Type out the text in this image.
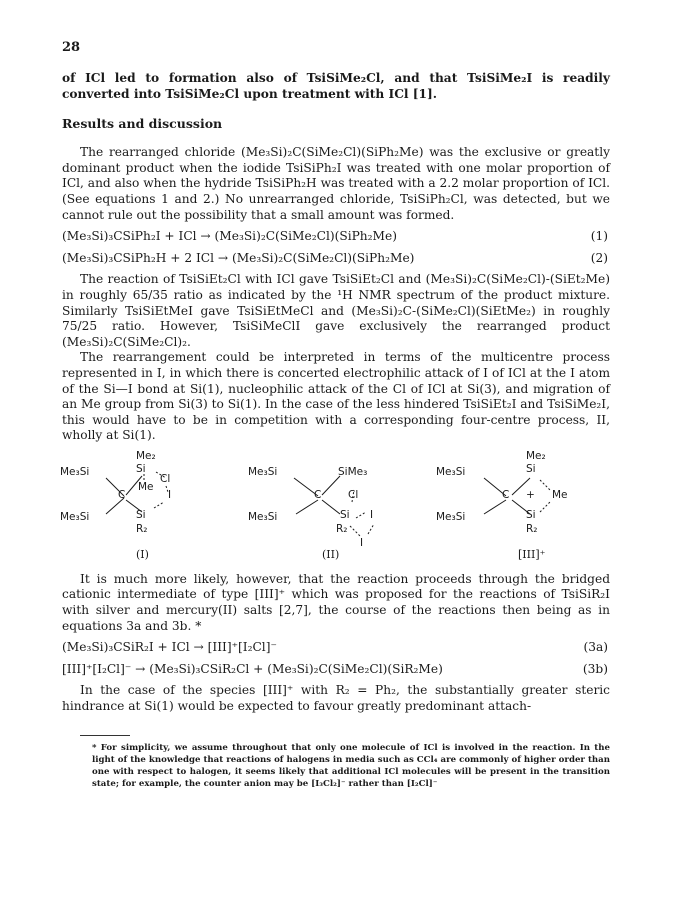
28

of ICl led to formation also of TsiSiMe₂Cl, and that TsiSiMe₂I is readily converted into TsiSiMe₂Cl upon treatment with ICl [1].

Results and discussion

The rearranged chloride (Me₃Si)₂C(SiMe₂Cl)(SiPh₂Me) was the exclusive or greatly dominant product when the iodide TsiSiPh₂I was treated with one molar proportion of ICl, and also when the hydride TsiSiPh₂H was treated with a 2.2 molar proportion of ICl. (See equations 1 and 2.) No unrearranged chloride, TsiSiPh₂Cl, was detected, but we cannot rule out the possibility that a small amount was formed.

(Me₃Si)₃CSiPh₂I + ICl → (Me₃Si)₂C(SiMe₂Cl)(SiPh₂Me)	(1)
(Me₃Si)₃CSiPh₂H + 2 ICl → (Me₃Si)₂C(SiMe₂Cl)(SiPh₂Me)	(2)

The reaction of TsiSiEt₂Cl with ICl gave TsiSiEt₂Cl and (Me₃Si)₂C(SiMe₂Cl)-(SiEt₂Me) in roughly 65/35 ratio as indicated by the ¹H NMR spectrum of the product mixture. Similarly TsiSiEtMeI gave TsiSiEtMeCl and (Me₃Si)₂C-(SiMe₂Cl)(SiEtMe₂) in roughly 75/25 ratio. However, TsiSiMeClI gave exclusively the rearranged product (Me₃Si)₂C(SiMe₂Cl)₂.

The rearrangement could be interpreted in terms of the multicentre process represented in I, in which there is concerted electrophilic attack of I of ICl at the I atom of the Si—I bond at Si(1), nucleophilic attack of the Cl of ICl at Si(3), and migration of an Me group from Si(3) to Si(1). In the case of the less hindered TsiSiEt₂I and TsiSiMe₂I, this would have to be in competition with a corresponding four-centre process, II, wholly at Si(1).

Me₃Si
Me₃Si
Me₂
Si
Cl
Me
C	I
Si
R₂
(I)
Me₃Si
Me₃Si
SiMe₃
C	Cl
Si I
R₂
I
(II)
Me₃Si
Me₃Si
Me₂
Si
C + Me
Si
R₂
[III]⁺

It is much more likely, however, that the reaction proceeds through the bridged cationic intermediate of type [III]⁺ which was proposed for the reactions of TsiSiR₂I with silver and mercury(II) salts [2,7], the course of the reactions then being as in equations 3a and 3b. *

(Me₃Si)₃CSiR₂I + ICl → [III]⁺[I₂Cl]⁻	(3a)
[III]⁺[I₂Cl]⁻ → (Me₃Si)₃CSiR₂Cl + (Me₃Si)₂C(SiMe₂Cl)(SiR₂Me)	(3b)

In the case of the species [III]⁺ with R₂ = Ph₂, the substantially greater steric hindrance at Si(1) would be expected to favour greatly predominant attach-

* For simplicity, we assume throughout that only one molecule of ICl is involved in the reaction. In the light of the knowledge that reactions of halogens in media such as CCl₄ are commonly of higher order than one with respect to halogen, it seems likely that additional ICl molecules will be present in the transition state; for example, the counter anion may be [I₃Cl₂]⁻ rather than [I₂Cl]⁻
